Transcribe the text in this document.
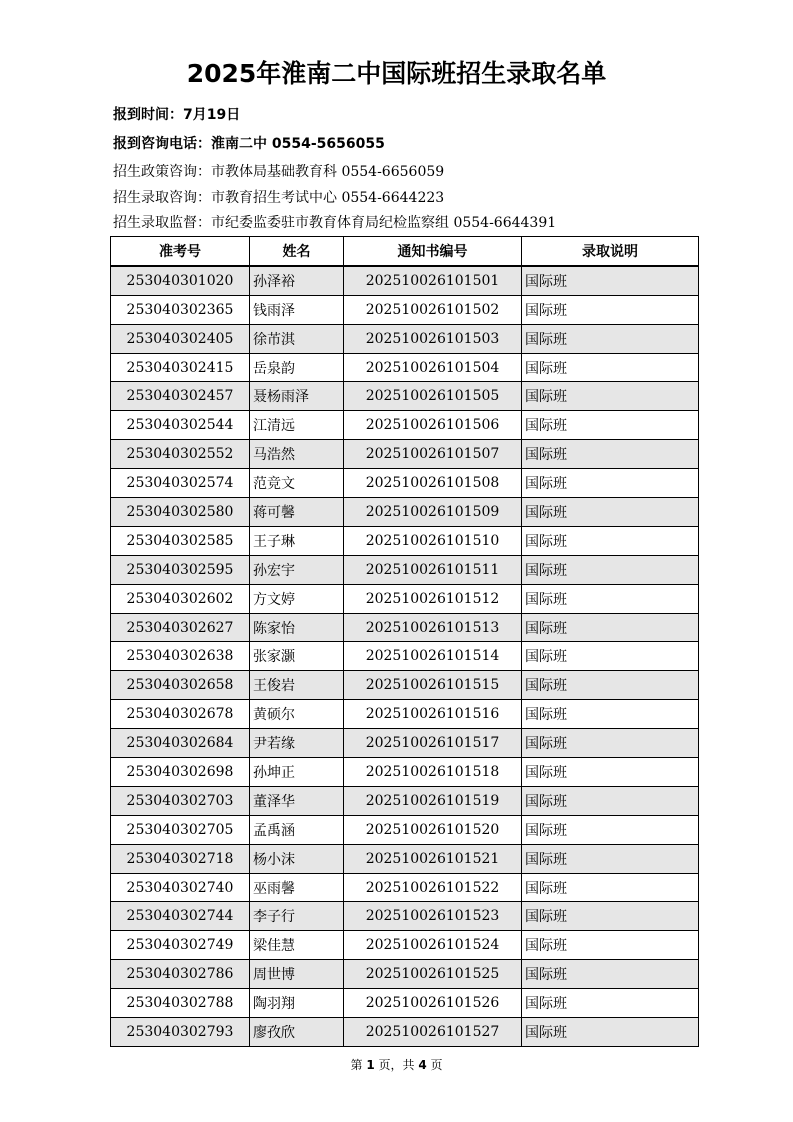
2025年淮南二中国际班招生录取名单
报到时间：7月19日
报到咨询电话：淮南二中 0554-5656055
招生政策咨询：市教体局基础教育科 0554-6656059
招生录取咨询：市教育招生考试中心 0554-6644223
招生录取监督：市纪委监委驻市教育体育局纪检监察组 0554-6644391
准考号	姓名	通知书编号	录取说明
253040301020	孙泽裕	202510026101501	国际班
253040302365	钱雨泽	202510026101502	国际班
253040302405	徐芇淇	202510026101503	国际班
253040302415	岳泉韵	202510026101504	国际班
253040302457	聂杨雨泽	202510026101505	国际班
253040302544	江清远	202510026101506	国际班
253040302552	马浩然	202510026101507	国际班
253040302574	范竞文	202510026101508	国际班
253040302580	蒋可馨	202510026101509	国际班
253040302585	王子琳	202510026101510	国际班
253040302595	孙宏宇	202510026101511	国际班
253040302602	方文婷	202510026101512	国际班
253040302627	陈家怡	202510026101513	国际班
253040302638	张家灏	202510026101514	国际班
253040302658	王俊岩	202510026101515	国际班
253040302678	黄硕尔	202510026101516	国际班
253040302684	尹若缘	202510026101517	国际班
253040302698	孙坤正	202510026101518	国际班
253040302703	董泽华	202510026101519	国际班
253040302705	孟禹涵	202510026101520	国际班
253040302718	杨小沫	202510026101521	国际班
253040302740	巫雨馨	202510026101522	国际班
253040302744	李子行	202510026101523	国际班
253040302749	梁佳慧	202510026101524	国际班
253040302786	周世博	202510026101525	国际班
253040302788	陶羽翔	202510026101526	国际班
253040302793	廖孜欣	202510026101527	国际班
第 1 页，共 4 页
